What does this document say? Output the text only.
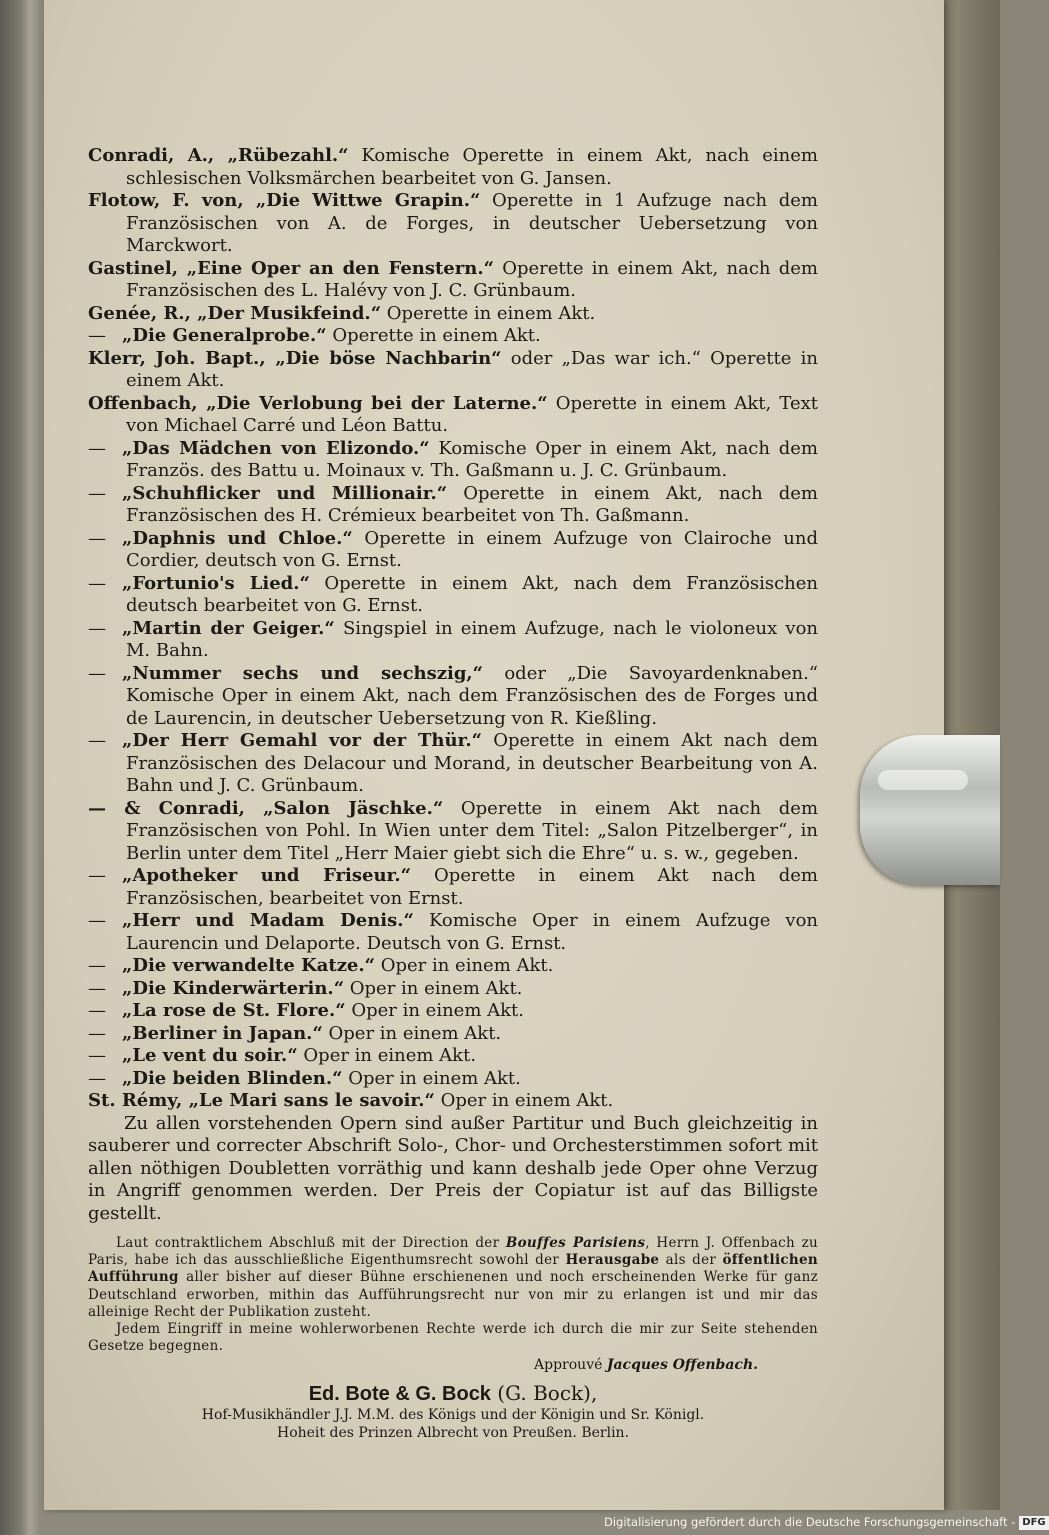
Conradi, A., „Rübezahl.“ Komische Operette in einem Akt, nach einem schlesischen Volksmärchen bearbeitet von G. Jansen.

Flotow, F. von, „Die Wittwe Grapin.“ Operette in 1 Aufzuge nach dem Französischen von A. de Forges, in deutscher Uebersetzung von Marckwort.

Gastinel, „Eine Oper an den Fenstern.“ Operette in einem Akt, nach dem Französischen des L. Halévy von J. C. Grünbaum.

Genée, R., „Der Musikfeind.“ Operette in einem Akt.

— „Die Generalprobe.“ Operette in einem Akt.

Klerr, Joh. Bapt., „Die böse Nachbarin“ oder „Das war ich.“ Operette in einem Akt.

Offenbach, „Die Verlobung bei der Laterne.“ Operette in einem Akt, Text von Michael Carré und Léon Battu.

— „Das Mädchen von Elizondo.“ Komische Oper in einem Akt, nach dem Französ. des Battu u. Moinaux v. Th. Gaßmann u. J. C. Grünbaum.

— „Schuhflicker und Millionair.“ Operette in einem Akt, nach dem Französischen des H. Crémieux bearbeitet von Th. Gaßmann.

— „Daphnis und Chloe.“ Operette in einem Aufzuge von Clairoche und Cordier, deutsch von G. Ernst.

— „Fortunio's Lied.“ Operette in einem Akt, nach dem Französischen deutsch bearbeitet von G. Ernst.

— „Martin der Geiger.“ Singspiel in einem Aufzuge, nach le violoneux von M. Bahn.

— „Nummer sechs und sechszig,“ oder „Die Savoyardenknaben.“ Komische Oper in einem Akt, nach dem Französischen des de Forges und de Laurencin, in deutscher Uebersetzung von R. Kießling.

— „Der Herr Gemahl vor der Thür.“ Operette in einem Akt nach dem Französischen des Delacour und Morand, in deutscher Bearbeitung von A. Bahn und J. C. Grünbaum.

— & Conradi, „Salon Jäschke.“ Operette in einem Akt nach dem Französischen von Pohl. In Wien unter dem Titel: „Salon Pitzelberger“, in Berlin unter dem Titel „Herr Maier giebt sich die Ehre“ u. s. w., gegeben.

— „Apotheker und Friseur.“ Operette in einem Akt nach dem Französischen, bearbeitet von Ernst.

— „Herr und Madam Denis.“ Komische Oper in einem Aufzuge von Laurencin und Delaporte. Deutsch von G. Ernst.

— „Die verwandelte Katze.“ Oper in einem Akt.

— „Die Kinderwärterin.“ Oper in einem Akt.

— „La rose de St. Flore.“ Oper in einem Akt.

— „Berliner in Japan.“ Oper in einem Akt.

— „Le vent du soir.“ Oper in einem Akt.

— „Die beiden Blinden.“ Oper in einem Akt.

St. Rémy, „Le Mari sans le savoir.“ Oper in einem Akt.

Zu allen vorstehenden Opern sind außer Partitur und Buch gleichzeitig in sauberer und correcter Abschrift Solo-, Chor- und Orchesterstimmen sofort mit allen nöthigen Doubletten vorräthig und kann deshalb jede Oper ohne Verzug in Angriff genommen werden. Der Preis der Copiatur ist auf das Billigste gestellt.

Laut contraktlichem Abschluß mit der Direction der Bouffes Parisiens, Herrn J. Offenbach zu Paris, habe ich das ausschließliche Eigenthumsrecht sowohl der Herausgabe als der öffentlichen Aufführung aller bisher auf dieser Bühne erschienenen und noch erscheinenden Werke für ganz Deutschland erworben, mithin das Aufführungsrecht nur von mir zu erlangen ist und mir das alleinige Recht der Publikation zusteht.

Jedem Eingriff in meine wohlerworbenen Rechte werde ich durch die mir zur Seite stehenden Gesetze begegnen.

Approuvé Jacques Offenbach.
Ed. Bote & G. Bock (G. Bock),
Hof-Musikhändler J.J. M.M. des Königs und der Königin und Sr. Königl.
Hoheit des Prinzen Albrecht von Preußen. Berlin.
Digitalisierung gefördert durch die Deutsche Forschungsgemeinschaft - DFG
